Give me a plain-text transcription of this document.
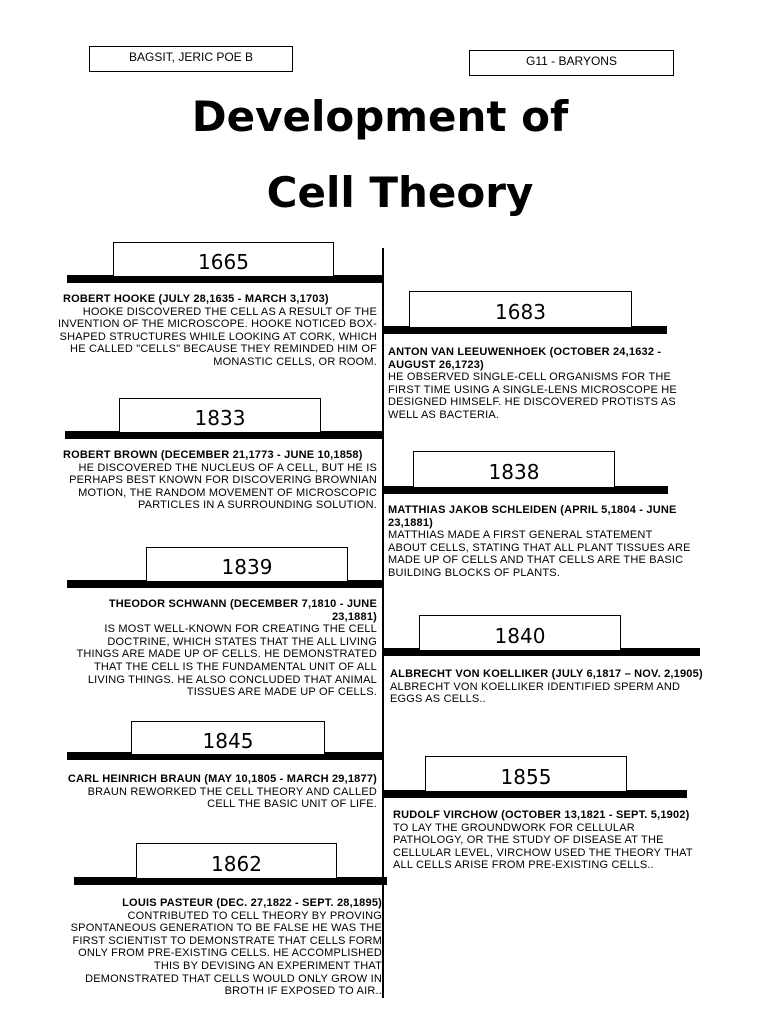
BAGSIT, JERIC POE B	G11 - BARYONS
Development of
Cell Theory
1665
ROBERT HOOKE (JULY 28,1635 - MARCH 3,1703)
HOOKE DISCOVERED THE CELL AS A RESULT OF THE INVENTION OF THE MICROSCOPE. HOOKE NOTICED BOX-SHAPED STRUCTURES WHILE LOOKING AT CORK, WHICH HE CALLED "CELLS" BECAUSE THEY REMINDED HIM OF MONASTIC CELLS, OR ROOM.
1833
ROBERT BROWN (DECEMBER 21,1773 - JUNE 10,1858)
HE DISCOVERED THE NUCLEUS OF A CELL, BUT HE IS PERHAPS BEST KNOWN FOR DISCOVERING BROWNIAN MOTION, THE RANDOM MOVEMENT OF MICROSCOPIC PARTICLES IN A SURROUNDING SOLUTION.
1839
THEODOR SCHWANN (DECEMBER 7,1810 - JUNE 23,1881)
IS MOST WELL-KNOWN FOR CREATING THE CELL DOCTRINE, WHICH STATES THAT THE ALL LIVING THINGS ARE MADE UP OF CELLS. HE DEMONSTRATED THAT THE CELL IS THE FUNDAMENTAL UNIT OF ALL LIVING THINGS. HE ALSO CONCLUDED THAT ANIMAL TISSUES ARE MADE UP OF CELLS.
1845
CARL HEINRICH BRAUN (MAY 10,1805 - MARCH 29,1877)
BRAUN REWORKED THE CELL THEORY AND CALLED CELL THE BASIC UNIT OF LIFE.
1862
LOUIS PASTEUR (DEC. 27,1822 - SEPT. 28,1895)
CONTRIBUTED TO CELL THEORY BY PROVING SPONTANEOUS GENERATION TO BE FALSE HE WAS THE FIRST SCIENTIST TO DEMONSTRATE THAT CELLS FORM ONLY FROM PRE-EXISTING CELLS. HE ACCOMPLISHED THIS BY DEVISING AN EXPERIMENT THAT DEMONSTRATED THAT CELLS WOULD ONLY GROW IN BROTH IF EXPOSED TO AIR..
1683
ANTON VAN LEEUWENHOEK (OCTOBER 24,1632 - AUGUST 26,1723)
HE OBSERVED SINGLE-CELL ORGANISMS FOR THE FIRST TIME USING A SINGLE-LENS MICROSCOPE HE DESIGNED HIMSELF. HE DISCOVERED PROTISTS AS WELL AS BACTERIA.
1838
MATTHIAS JAKOB SCHLEIDEN (APRIL 5,1804 - JUNE 23,1881)
MATTHIAS MADE A FIRST GENERAL STATEMENT ABOUT CELLS, STATING THAT ALL PLANT TISSUES ARE MADE UP OF CELLS AND THAT CELLS ARE THE BASIC BUILDING BLOCKS OF PLANTS.
1840
ALBRECHT VON KOELLIKER (JULY 6,1817 – NOV. 2,1905)
ALBRECHT VON KOELLIKER IDENTIFIED SPERM AND EGGS AS CELLS..
1855
RUDOLF VIRCHOW (OCTOBER 13,1821 - SEPT. 5,1902)
TO LAY THE GROUNDWORK FOR CELLULAR PATHOLOGY, OR THE STUDY OF DISEASE AT THE CELLULAR LEVEL, VIRCHOW USED THE THEORY THAT ALL CELLS ARISE FROM PRE-EXISTING CELLS..
